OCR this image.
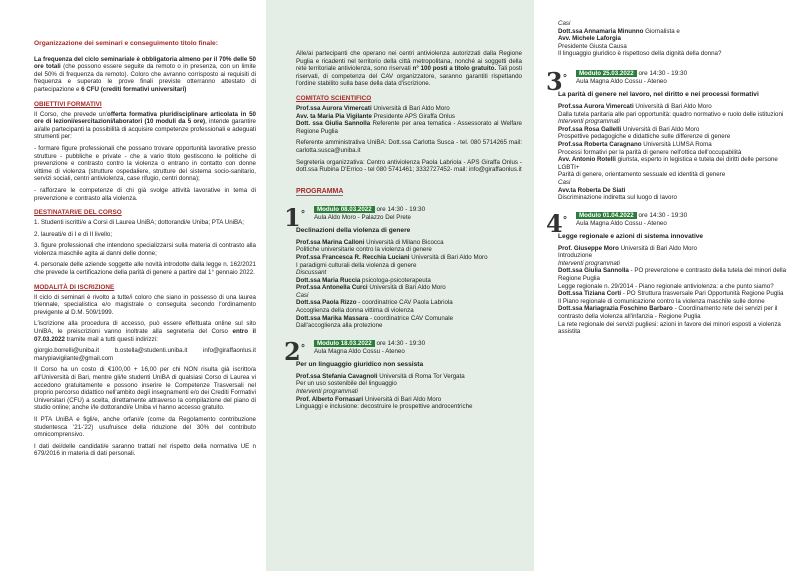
Organizzazione dei seminari e conseguimento titolo finale:

La frequenza del ciclo seminariale è obbligatoria almeno per il 70% delle 50 ore totali (che possono essere seguite da remoto o in presenza, con un limite del 50% di frequenza da remoto). Coloro che avranno corrisposto ai requisiti di frequenza e superato le prove finali previste otterranno attestato di partecipazione e 6 CFU (crediti formativi universitari)

OBIETTIVI FORMATIVI

Il Corso, che prevede un'offerta formativa pluridisciplinare articolata in 50 ore di lezioni/esercitazioni/laboratori (10 moduli da 5 ore), intende garantire ai/alle partecipanti la possibilità di acquisire competenze professionali e adeguati strumenti per:

- formare figure professionali che possano trovare opportunità lavorative presso strutture - pubbliche e private - che a vario titolo gestiscono le politiche di prevenzione e contrasto contro la violenza o entrano in contatto con donne vittime di violenza (strutture ospedaliere, strutture del sistema socio-sanitario, servizi sociali, centri antiviolenza, case rifugio, centri donna);

- rafforzare le competenze di chi già svolge attività lavorative in tema di prevenzione e contrasto alla violenza.

DESTINATARI/E DEL CORSO

1. Studenti iscritti/e a Corsi di Laurea UniBA; dottorandi/e Uniba; PTA UniBA;

2. laureati/e di I e di II livello;

3. figure professionali che intendono specializzarsi sulla materia di contrasto alla violenza maschile agita ai danni delle donne;

4. personale delle aziende soggette alle novità introdotte dalla legge n. 162/2021 che prevede la certificazione della parità di genere a partire dal 1° gennaio 2022.

MODALITÀ DI ISCRIZIONE

Il ciclo di seminari è rivolto a tutte/i coloro che siano in possesso di una laurea triennale, specialistica e/o magistrale o conseguita secondo l'ordinamento previgente al D.M. 509/1999.

L'iscrizione alla procedura di accesso, può essere effettuata online sul sito UniBA, le preiscrizioni vanno inoltrate alla segreteria del Corso entro il 07.03.2022 tramite mail a tutti questi indirizzi:

giorgio.borrelli@uniba.it b.ostella@studenti.uniba.it info@giraffaonlus.it marypiavigilante@gmail.com

Il Corso ha un costo di €100,00 + 16,00 per chi NON risulta già iscritto/a all'Università di Bari, mentre gli/le studenti UniBA di qualsiasi Corso di Laurea vi accedono gratuitamente e possono inserire le Competenze Trasversali nel proprio percorso didattico nell'ambito degli insegnamenti e/o dei Crediti Formativi Universitari (CFU) a scelta, direttamente attraverso la compilazione del piano di studio online; anche i/le dottorandi/e Uniba vi hanno accesso gratuito.

Il PTA UniBA e figli/e, anche orfani/e (come da Regolamento contribuzione studentesca '21-'22) usufruisce della riduzione del 30% del contributo omnicomprensivo.

I dati dei/delle candidati/e saranno trattati nel rispetto della normativa UE n 679/2016 in materia di dati personali.

Alle/ai partecipanti che operano nei centri antiviolenza autorizzati dalla Regione Puglia e ricadenti nel territorio della città metropolitana, nonché ai soggetti della rete territoriale antiviolenza, sono riservati n° 100 posti a titolo gratuito. Tali posti riservati, di competenza del CAV organizzatore, saranno garantiti rispettando l'ordine stabilito sulla base della data d'iscrizione.

COMITATO SCIENTIFICO

Prof.ssa Aurora Vimercati Università di Bari Aldo Moro

Avv. ta Maria Pia Vigilante Presidente APS Giraffa Onlus

Dott. ssa Giulia Sannolla Referente per area tematica - Assessorato al Welfare Regione Puglia

Referente amministrativa UniBA: Dott.ssa Carlotta Susca - tel. 080 5714265 mail: carlotta.susca@uniba.it

Segreteria organizzativa: Centro antiviolenza Paola Labriola - APS Giraffa Onlus - dott.ssa Rubina D'Errico - tel 080 5741461; 3332727452- mail: info@giraffaonlus.it

PROGRAMMA
1°
Modulo 08.03.2022 ore 14:30 - 19:30
Aula Aldo Moro - Palazzo Del Prete
Declinazioni della violenza di genere
Prof.ssa Marina Calloni Università di Milano Bicocca
Politiche universitarie contro la violenza di genere
Prof.ssa Francesca R. Recchia Luciani Università di Bari Aldo Moro
I paradigmi culturali della violenza di genere
Discussant
Dott.ssa Maria Ruccia psicologa-psicoterapeuta
Prof.ssa Antonella Curci Università di Bari Aldo Moro
Casi
Dott.ssa Paola Rizzo - coordinatrice CAV Paola Labriola
Accoglienza della donna vittima di violenza
Dott.ssa Marika Massara - coordinatrice CAV Comunale
Dall'accoglienza alla protezione
2°
Modulo 18.03.2022 ore 14:30 - 19:30
Aula Magna Aldo Cossu - Ateneo
Per un linguaggio giuridico non sessista
Prof.ssa Stefania Cavagnoli Università di Roma Tor Vergata
Per un uso sostenibile del linguaggio
Interventi programmati
Prof. Alberto Fornasari Università di Bari Aldo Moro
Linguaggi e inclusione: decostruire le prospettive androcentriche
Casi
Dott.ssa Annamaria Minunno Giornalista e
Avv. Michele Laforgia
Presidente Giusta Causa
Il linguaggio giuridico è rispettoso della dignità della donna?
3°
Modulo 25.03.2022 ore 14:30 - 19:30
Aula Magna Aldo Cossu - Ateneo
La parità di genere nel lavoro, nel diritto e nei processi formativi
Prof.ssa Aurora Vimercati Università di Bari Aldo Moro
Dalla tutela paritaria alle pari opportunità: quadro normativo e ruolo delle istituzioni
Interventi programmati
Prof.ssa Rosa Gallelli Università di Bari Aldo Moro
Prospettive pedagogiche e didattiche sulle differenze di genere
Prof.ssa Roberta Caragnano Università LUMSA Roma
Processi formativi per la parità di genere nell'ottica dell'occupabilità
Avv. Antonio Rotelli giurista, esperto in legistica e tutela dei diritti delle persone LGBTI+
Parità di genere, orientamento sessuale ed identità di genere
Casi
Avv.ta Roberta De Siati
Discriminazione indiretta sul luogo di lavoro
4°
Modulo 01.04.2022 ore 14:30 - 19:30
Aula Magna Aldo Cossu - Ateneo
Legge regionale e azioni di sistema innovative
Prof. Giuseppe Moro Università di Bari Aldo Moro
Introduzione
Interventi programmati
Dott.ssa Giulia Sannolla - PO prevenzione e contrasto della tutela dei minori della Regione Puglia
Legge regionale n. 29/2014 - Piano regionale antiviolenza: a che punto siamo?
Dott.ssa Tiziana Corti - PO Struttura trasversale Pari Opportunità Regione Puglia
Il Piano regionale di comunicazione contro la violenza maschile sulle donne
Dott.ssa Mariagrazia Foschino Barbaro - Coordinamento rete dei servizi per il contrasto della violenza all'infanzia - Regione Puglia
La rete regionale dei servizi pugliesi: azioni in favore dei minori esposti a violenza assistita
